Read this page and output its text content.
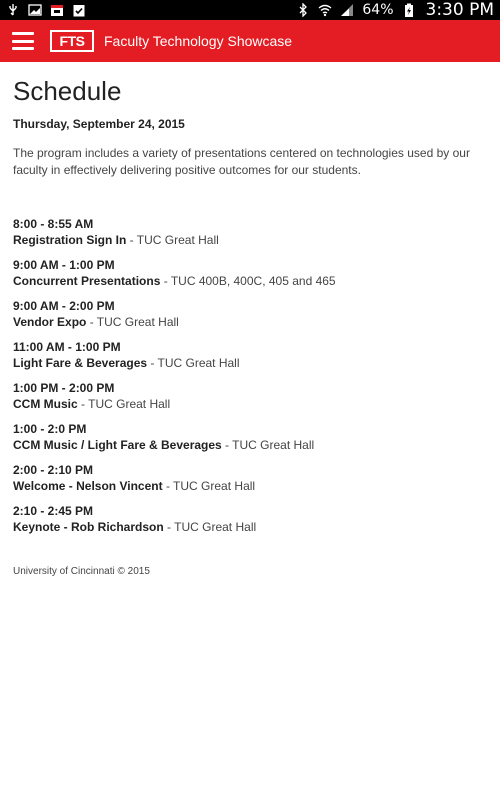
64% 3:30 PM
FTS	Faculty Technology Showcase
Schedule
Thursday, September 24, 2015

The program includes a variety of presentations centered on technologies used by our faculty in effectively delivering positive outcomes for our students.

8:00 - 8:55 AM
Registration Sign In - TUC Great Hall
9:00 AM - 1:00 PM
Concurrent Presentations - TUC 400B, 400C, 405 and 465
9:00 AM - 2:00 PM
Vendor Expo - TUC Great Hall
11:00 AM - 1:00 PM
Light Fare & Beverages - TUC Great Hall
1:00 PM - 2:00 PM
CCM Music - TUC Great Hall
1:00 - 2:0 PM
CCM Music / Light Fare & Beverages - TUC Great Hall
2:00 - 2:10 PM
Welcome - Nelson Vincent - TUC Great Hall
2:10 - 2:45 PM
Keynote - Rob Richardson - TUC Great Hall
University of Cincinnati © 2015
